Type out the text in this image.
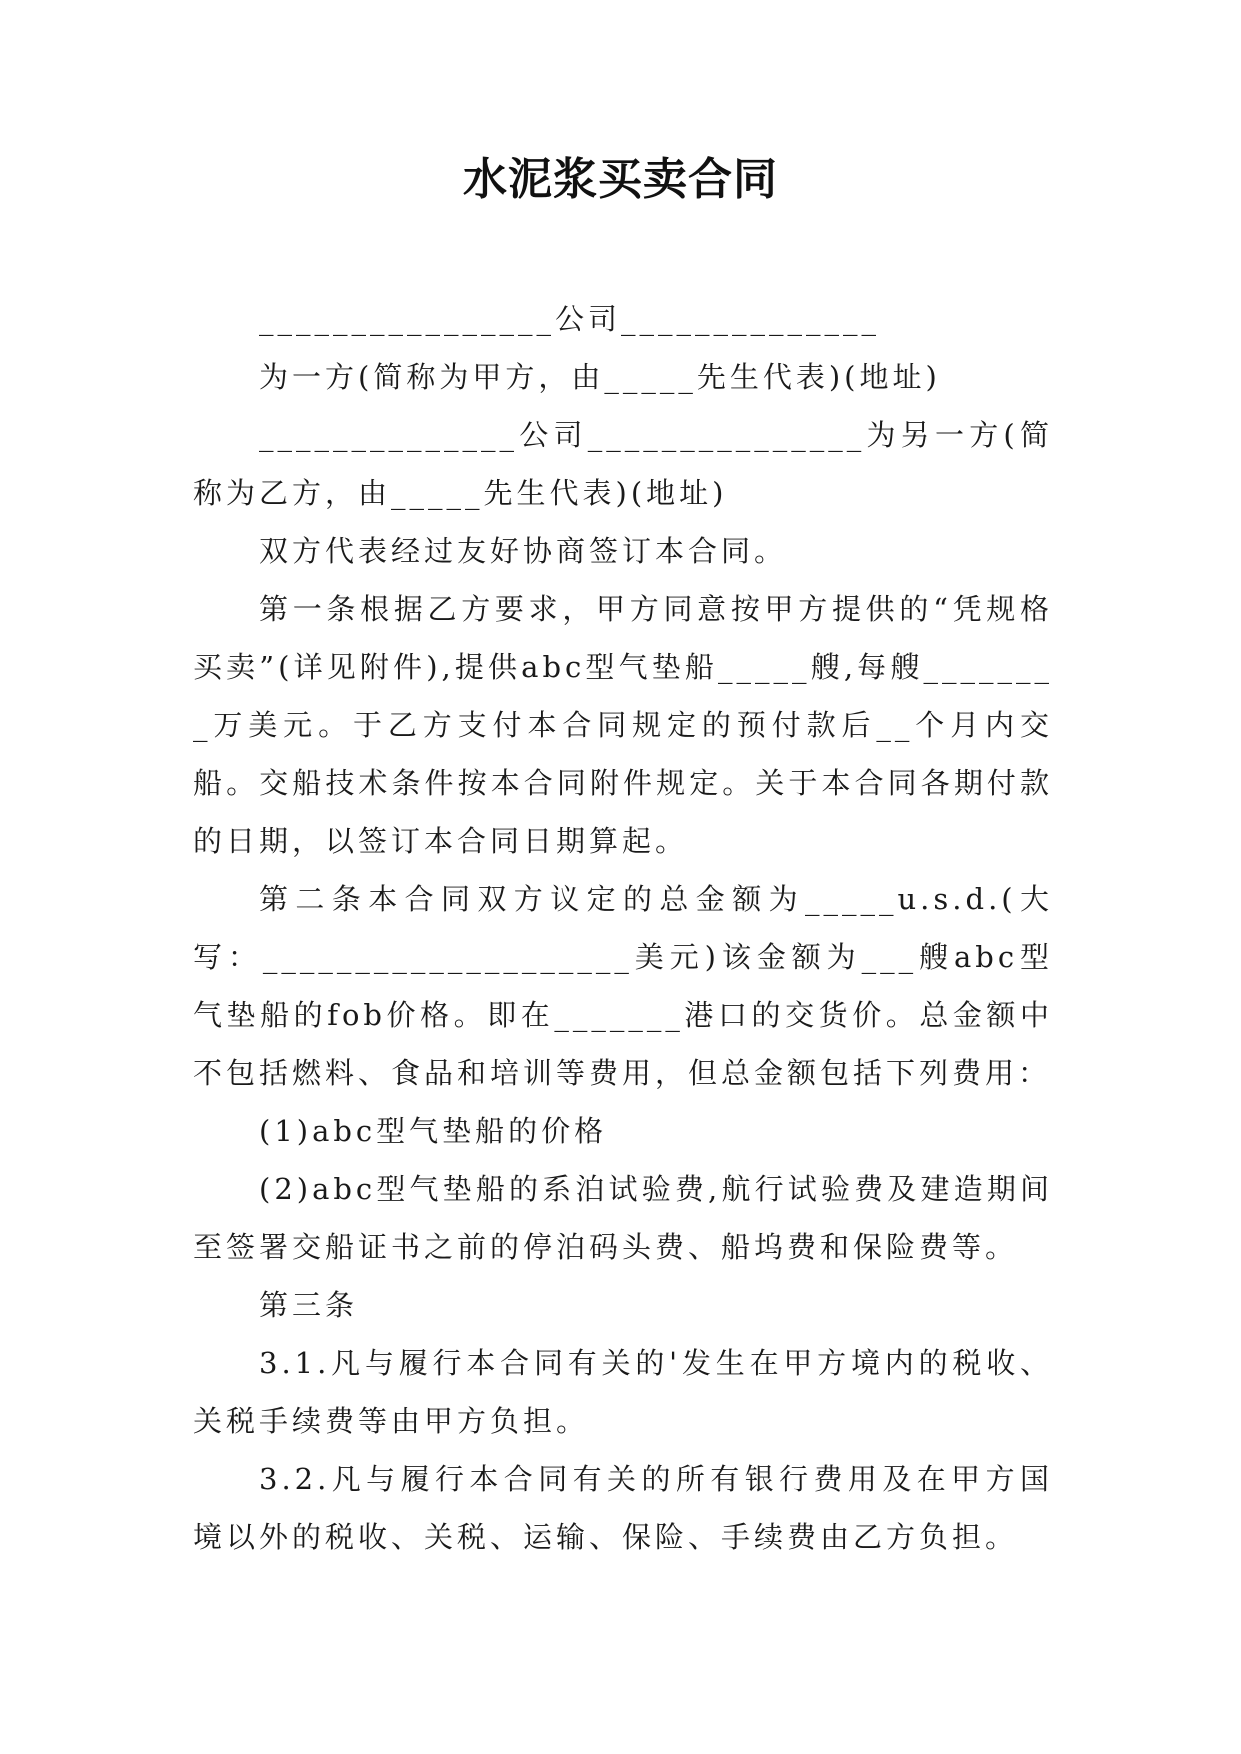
水泥浆买卖合同

________________公司______________

为一方(简称为甲方，由_____先生代表)(地址)

______________公司_______________为另一方(简称为乙方，由_____先生代表)(地址)

双方代表经过友好协商签订本合同。

第一条根据乙方要求，甲方同意按甲方提供的“凭规格买卖”(详见附件),提供abc型气垫船_____艘,每艘________万美元。于乙方支付本合同规定的预付款后__个月内交船。交船技术条件按本合同附件规定。关于本合同各期付款的日期，以签订本合同日期算起。

第二条本合同双方议定的总金额为_____u.s.d.(大写：____________________美元)该金额为___艘abc型气垫船的fob价格。即在_______港口的交货价。总金额中不包括燃料、食品和培训等费用，但总金额包括下列费用：

(1)abc型气垫船的价格

(2)abc型气垫船的系泊试验费,航行试验费及建造期间至签署交船证书之前的停泊码头费、船坞费和保险费等。

第三条

3.1.凡与履行本合同有关的'发生在甲方境内的税收、关税手续费等由甲方负担。

3.2.凡与履行本合同有关的所有银行费用及在甲方国境以外的税收、关税、运输、保险、手续费由乙方负担。
